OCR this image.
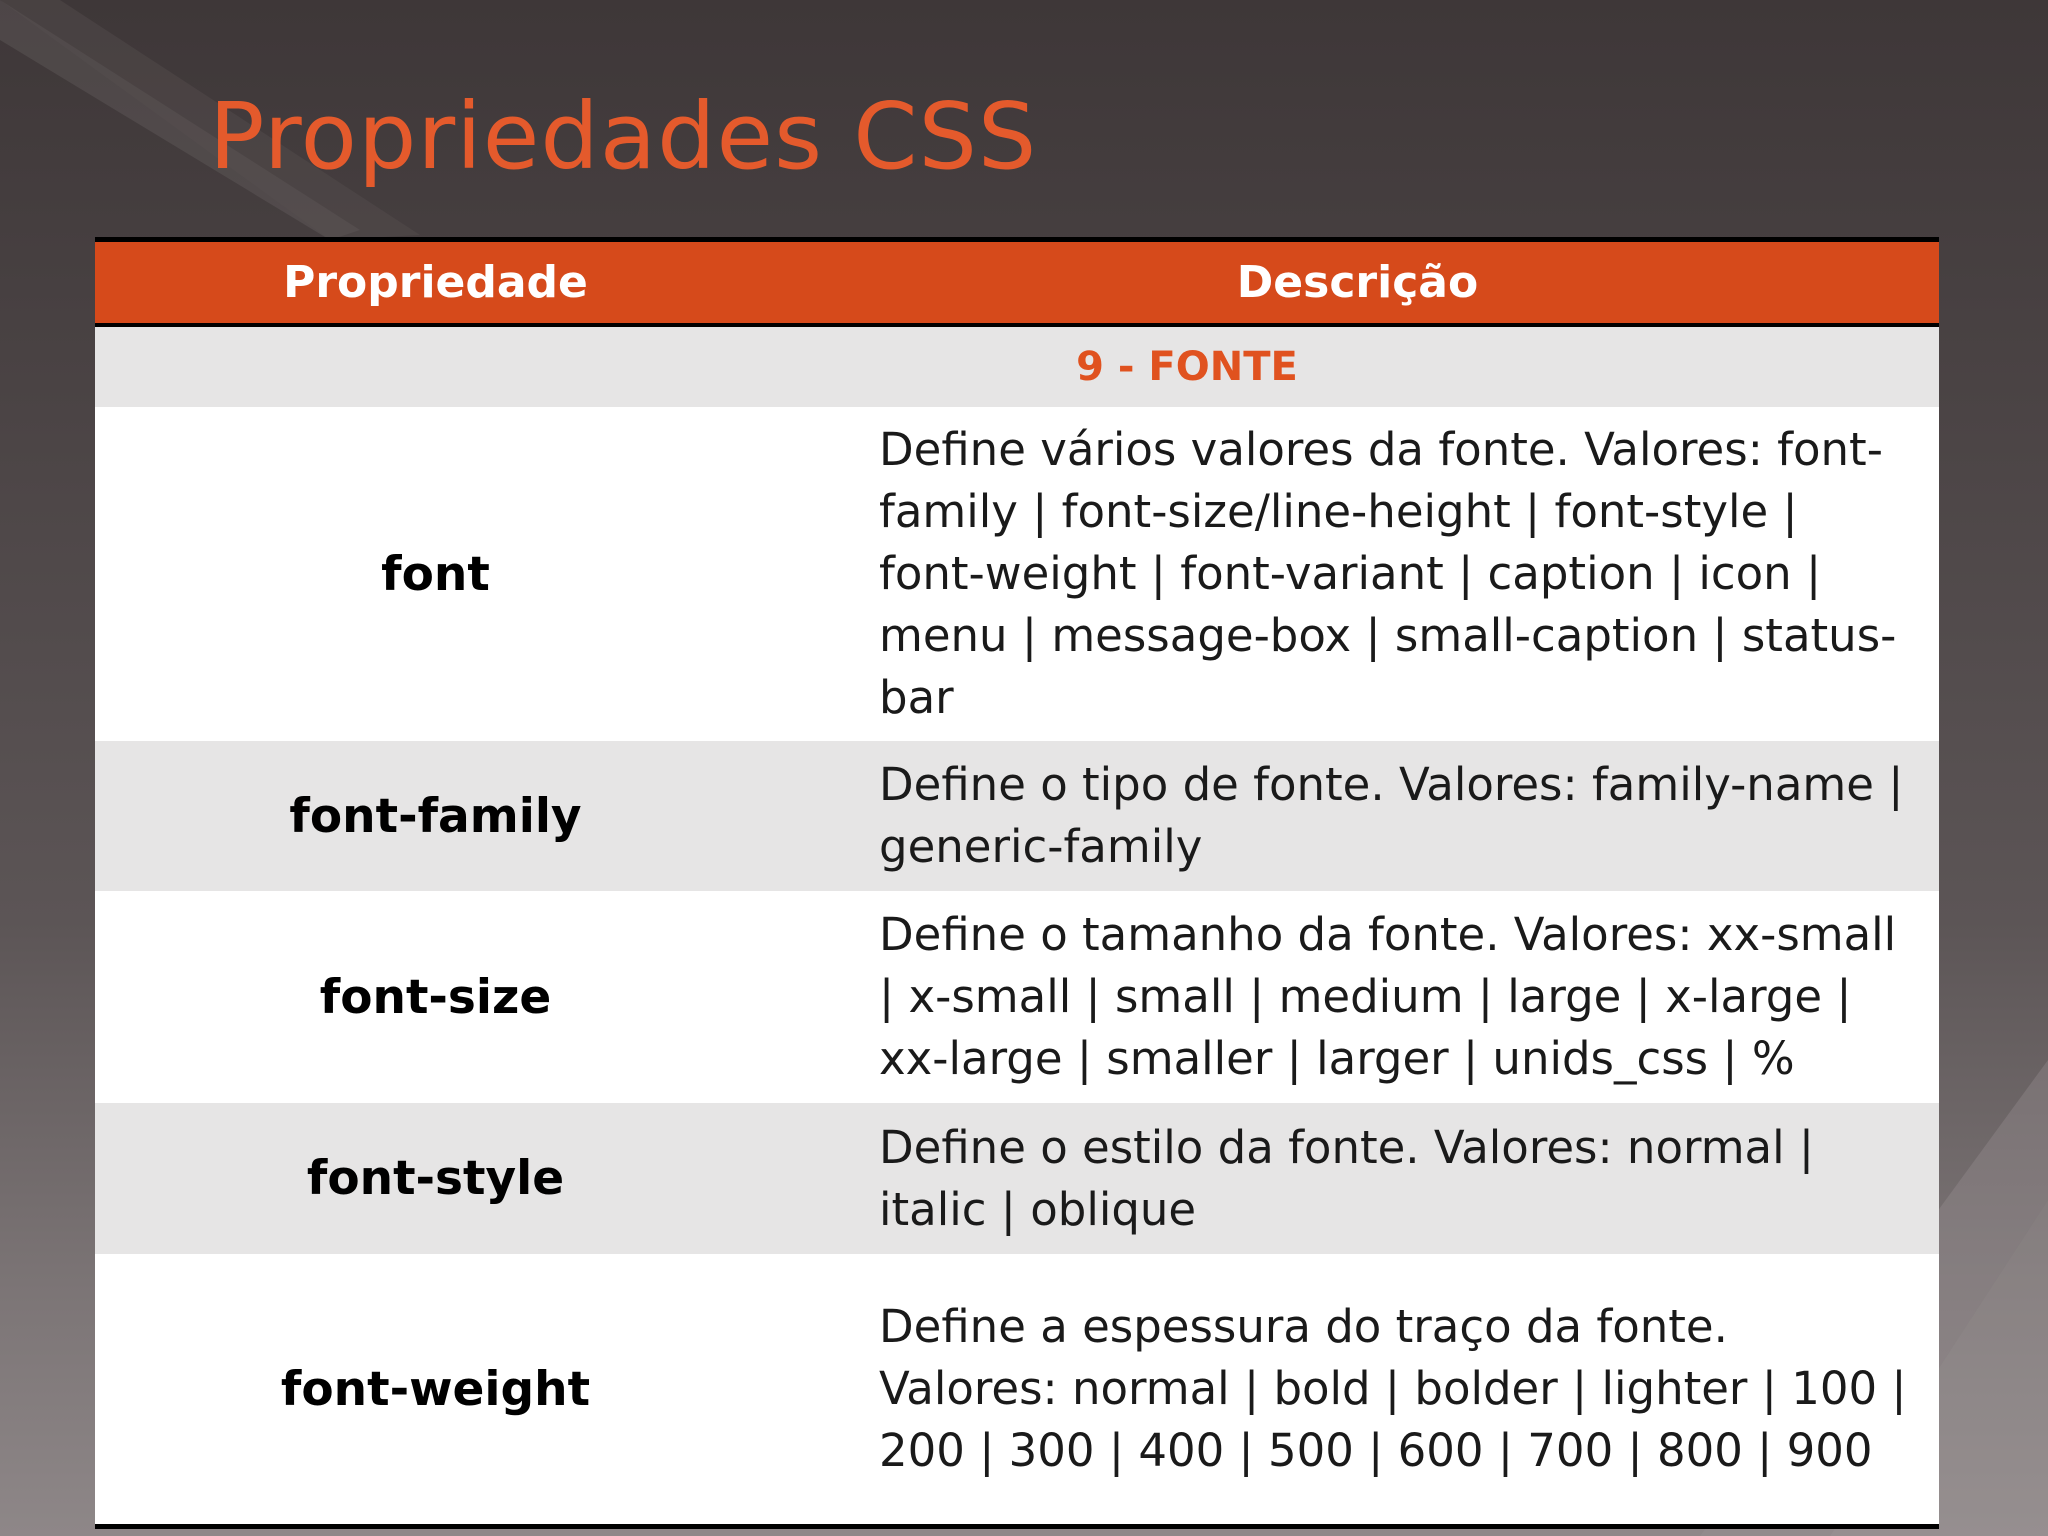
Propriedades CSS
Propriedade	Descrição
9 - FONTE	
font	Define vários valores da fonte. Valores: font-family | font-size/line-height | font-style | font-weight | font-variant | caption | icon | menu | message-box | small-caption | status-bar
font-family	Define o tipo de fonte. Valores: family-name | generic-family
font-size	Define o tamanho da fonte. Valores: xx-small | x-small | small | medium | large | x-large | xx-large | smaller | larger | unids_css | %
font-style	Define o estilo da fonte. Valores: normal | italic | oblique
font-weight	Define a espessura do traço da fonte. Valores: normal | bold | bolder | lighter | 100 | 200 | 300 | 400 | 500 | 600 | 700 | 800 | 900
